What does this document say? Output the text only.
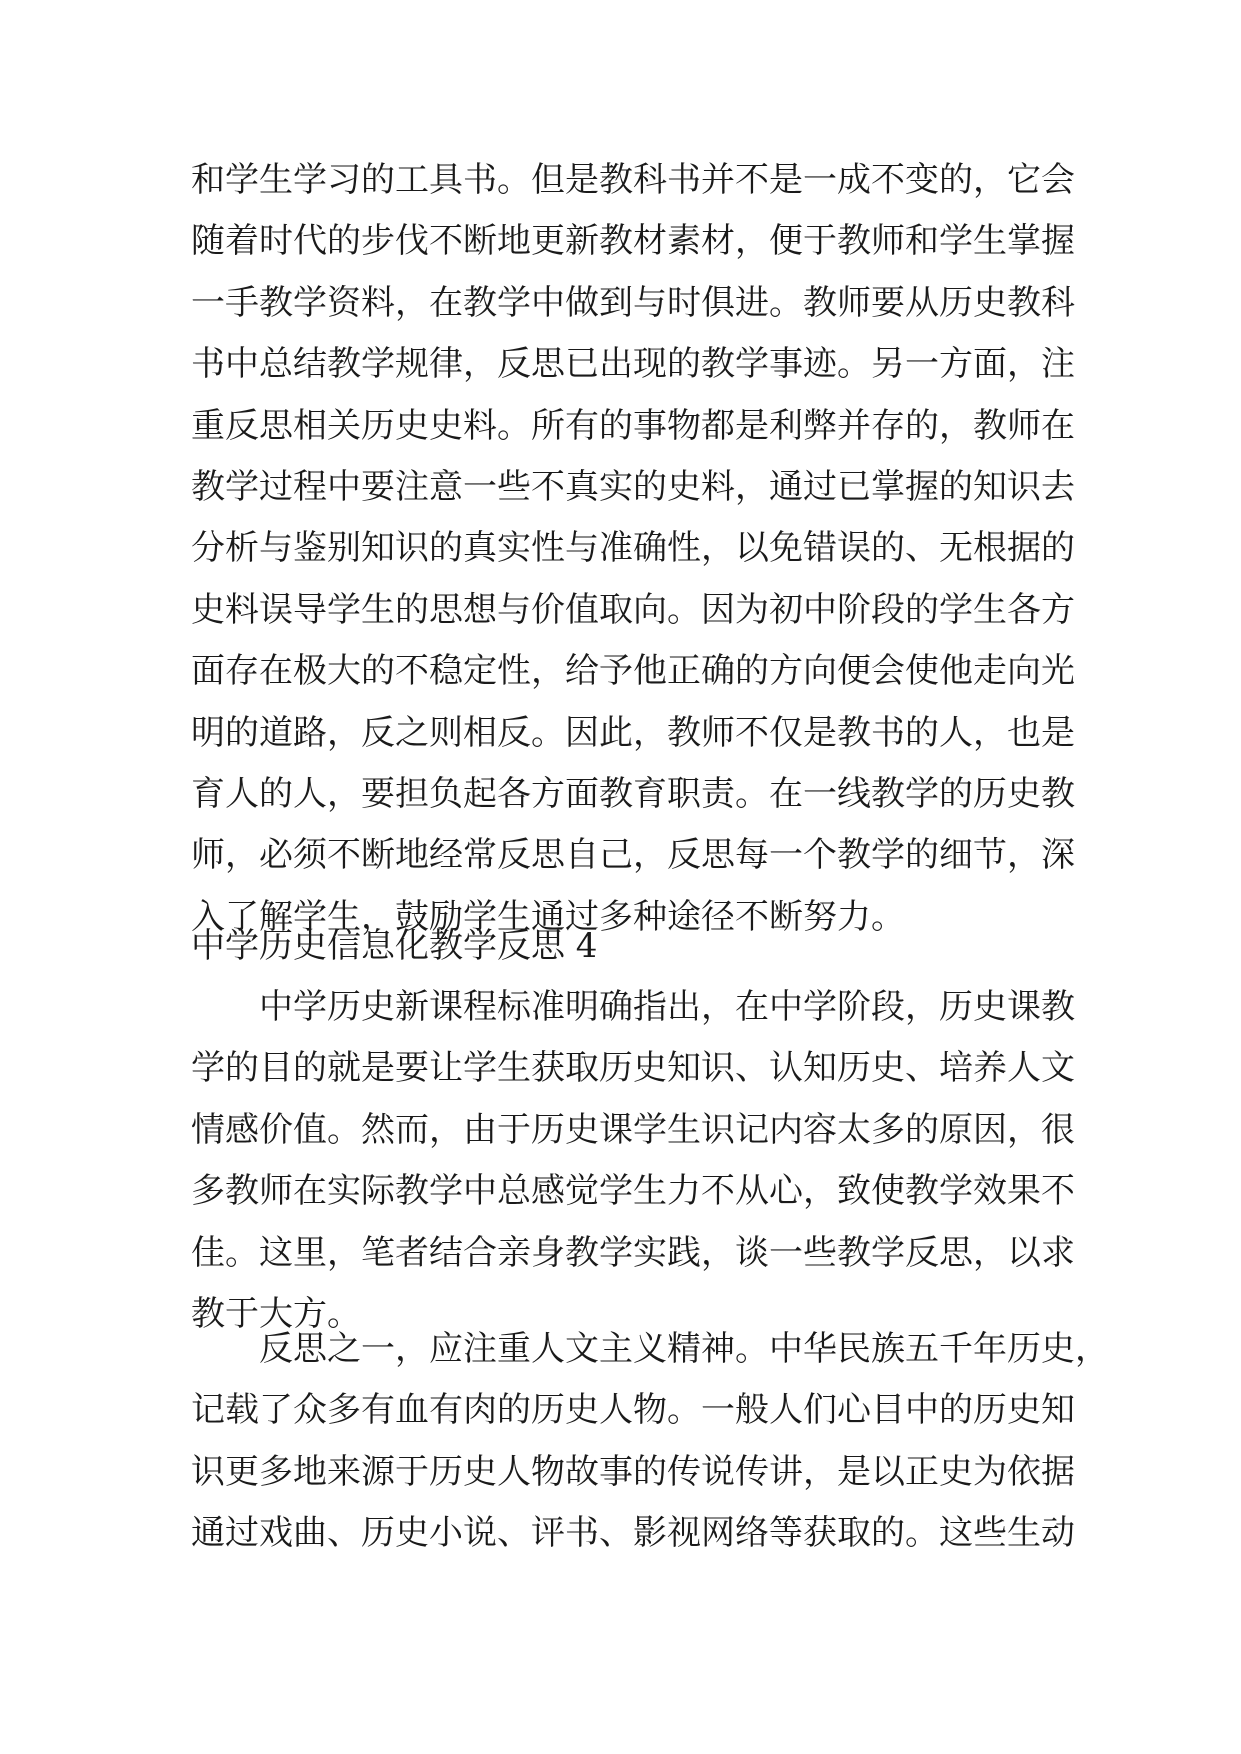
和学生学习的工具书。但是教科书并不是一成不变的，它会
随着时代的步伐不断地更新教材素材，便于教师和学生掌握
一手教学资料，在教学中做到与时俱进。教师要从历史教科
书中总结教学规律，反思已出现的教学事迹。另一方面，注
重反思相关历史史料。所有的事物都是利弊并存的，教师在
教学过程中要注意一些不真实的史料，通过已掌握的知识去
分析与鉴别知识的真实性与准确性，以免错误的、无根据的
史料误导学生的思想与价值取向。因为初中阶段的学生各方
面存在极大的不稳定性，给予他正确的方向便会使他走向光
明的道路，反之则相反。因此，教师不仅是教书的人，也是
育人的人，要担负起各方面教育职责。在一线教学的历史教
师，必须不断地经常反思自己，反思每一个教学的细节，深
入了解学生，鼓励学生通过多种途径不断努力。
中学历史信息化教学反思 4
中学历史新课程标准明确指出，在中学阶段，历史课教
学的目的就是要让学生获取历史知识、认知历史、培养人文
情感价值。然而，由于历史课学生识记内容太多的原因，很
多教师在实际教学中总感觉学生力不从心，致使教学效果不
佳。这里，笔者结合亲身教学实践，谈一些教学反思，以求
教于大方。
反思之一，应注重人文主义精神。中华民族五千年历史，
记载了众多有血有肉的历史人物。一般人们心目中的历史知
识更多地来源于历史人物故事的传说传讲，是以正史为依据
通过戏曲、历史小说、评书、影视网络等获取的。这些生动
